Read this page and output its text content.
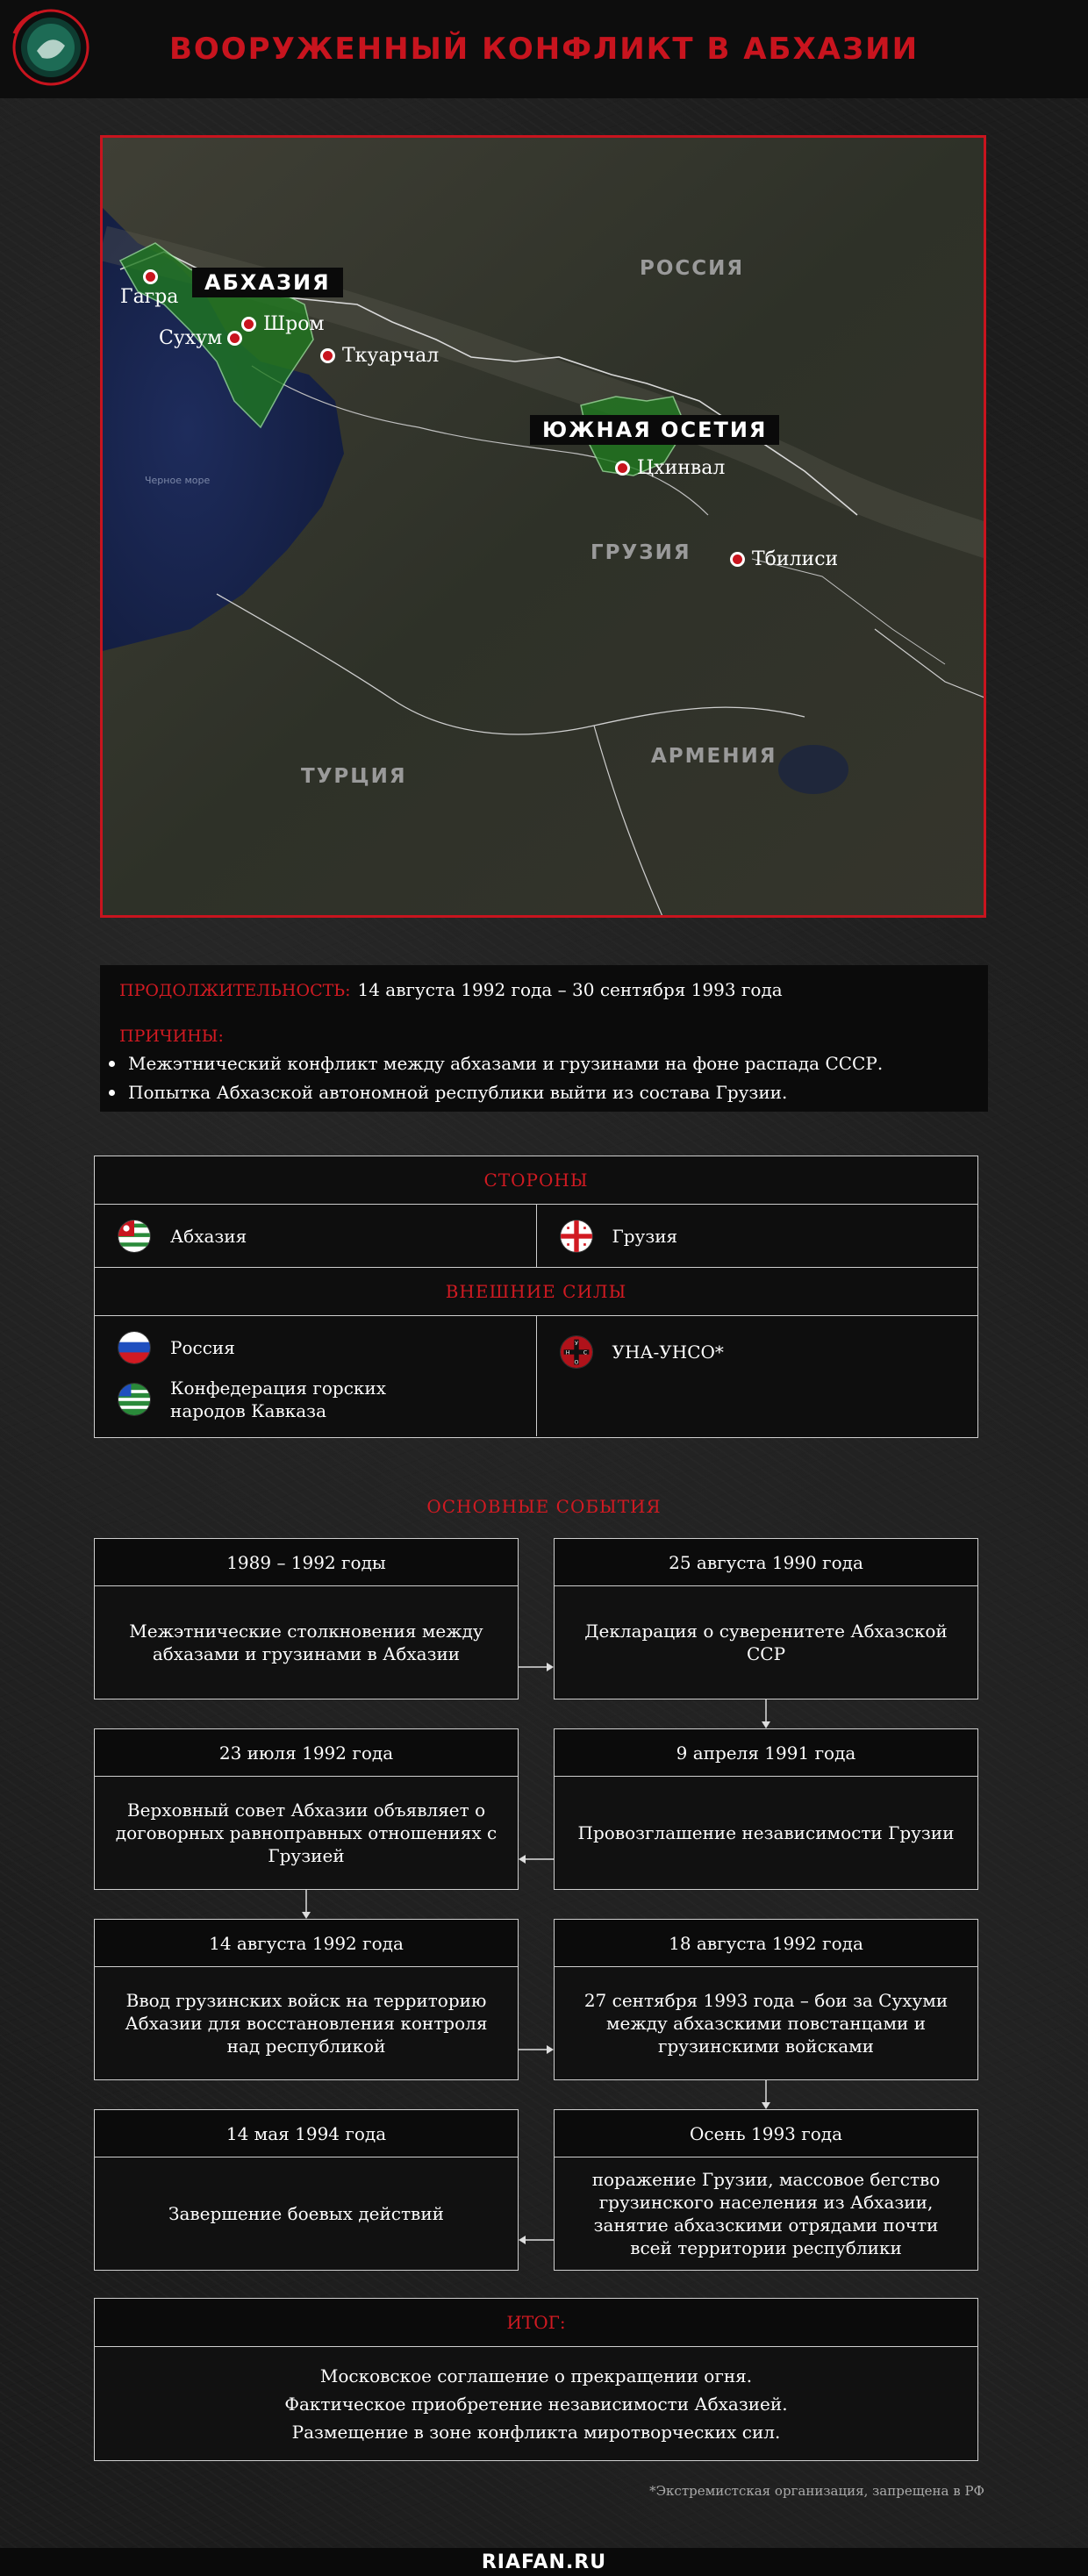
ВООРУЖЕННЫЙ КОНФЛИКТ В АБХАЗИИ
АБХАЗИЯ
ЮЖНАЯ ОСЕТИЯ
РОССИЯ
ГРУЗИЯ
ТУРЦИЯ
АРМЕНИЯ
Черное море
Гагра
Шром
Сухум
Ткуарчал
Цхинвал
Тбилиси
ПРОДОЛЖИТЕЛЬНОСТЬ: 14 августа 1992 года – 30 сентября 1993 года
ПРИЧИНЫ:
Межэтнический конфликт между абхазами и грузинами на фоне распада СССР.
Попытка Абхазской автономной республики выйти из состава Грузии.
СТОРОНЫ
Абхазия	Грузия
ВНЕШНИЕ СИЛЫ
Россия
Конфедерация горских народов Кавказа
У
Н С
О УНА-УНСО*
ОСНОВНЫЕ СОБЫТИЯ
1989 – 1992 годы
Межэтнические столкновения между абхазами и грузинами в Абхазии
25 августа 1990 года
Декларация о суверенитете Абхазской ССР
9 апреля 1991 года
Провозглашение независимости Грузии
23 июля 1992 года
Верховный совет Абхазии объявляет о договорных равноправных отношениях с Грузией
14 августа 1992 года
Ввод грузинских войск на территорию Абхазии для восстановления контроля над республикой
18 августа 1992 года
27 сентября 1993 года – бои за Сухуми между абхазскими повстанцами и грузинскими войсками
Осень 1993 года
поражение Грузии, массовое бегство грузинского населения из Абхазии, занятие абхазскими отрядами почти всей территории республики
14 мая 1994 года
Завершение боевых действий
ИТОГ:
Московское соглашение о прекращении огня.
Фактическое приобретение независимости Абхазией.
Размещение в зоне конфликта миротворческих сил.
*Экстремистская организация, запрещена в РФ
RIAFAN.RU
